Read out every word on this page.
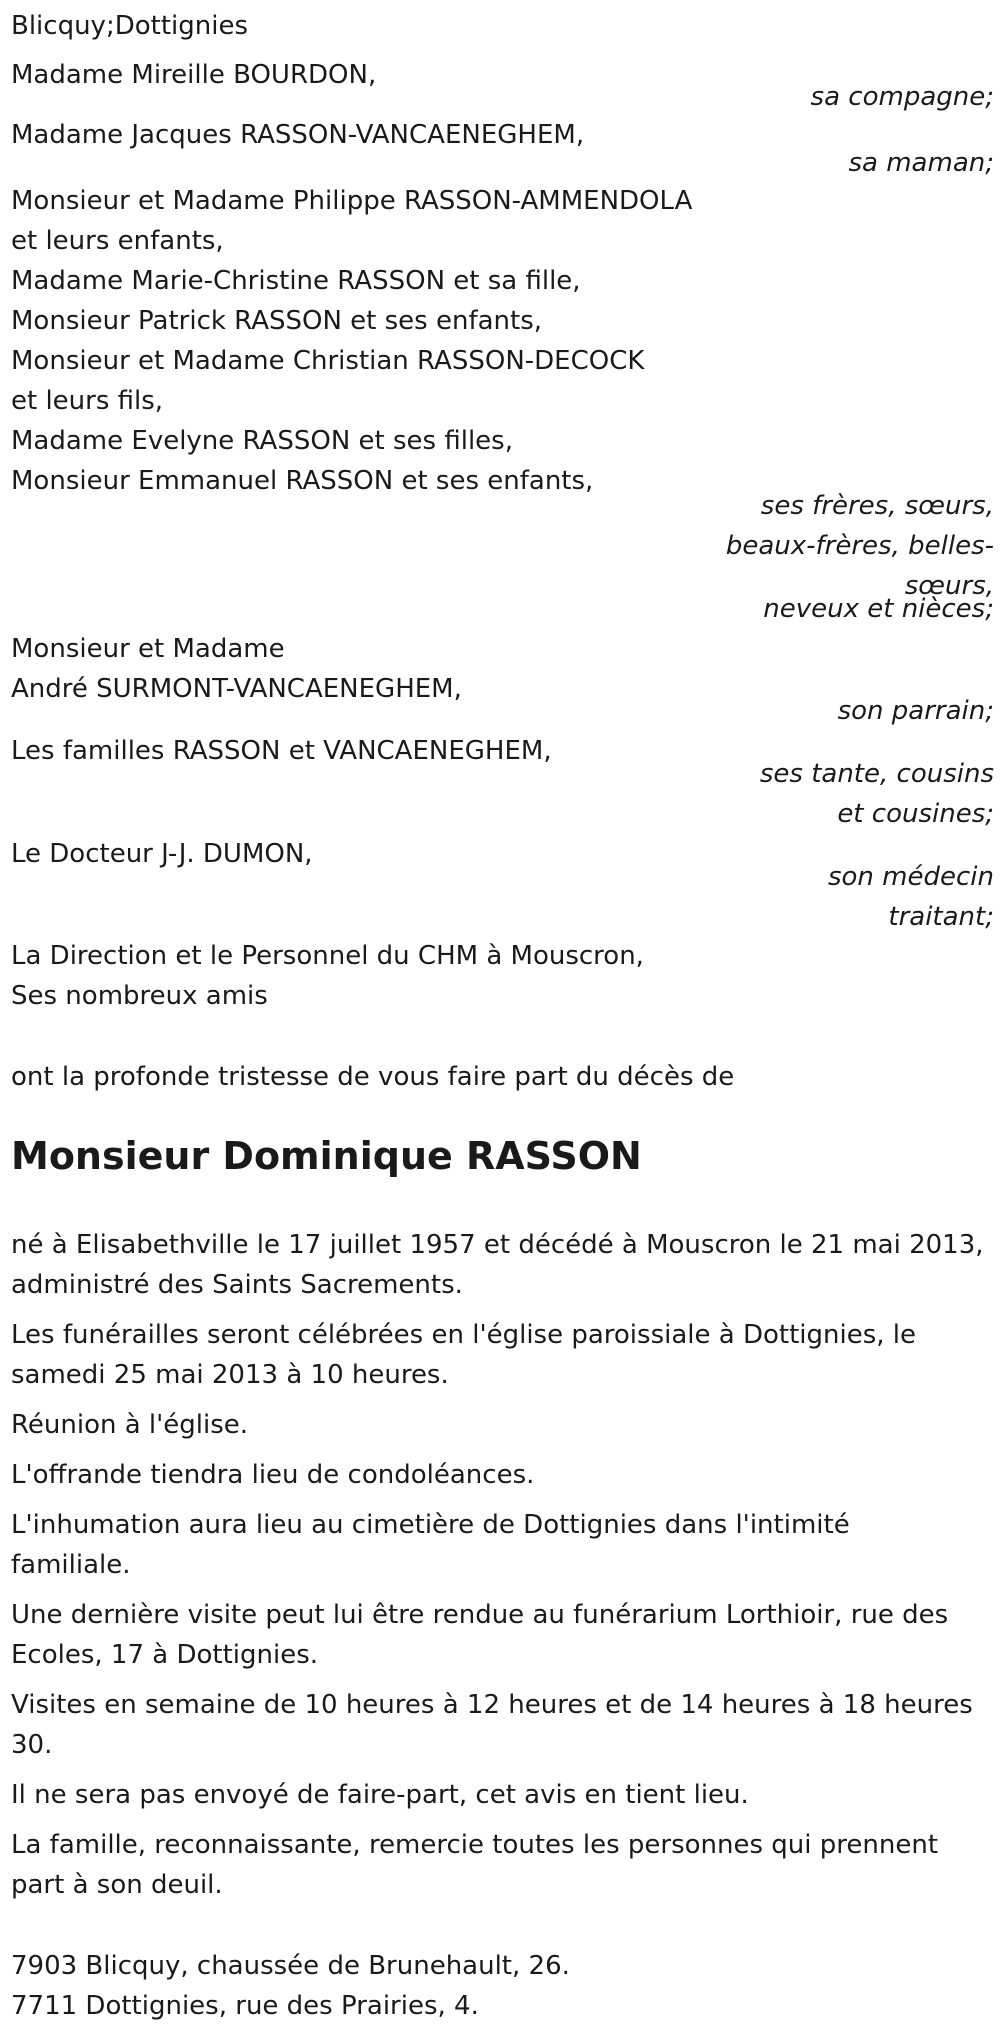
Blicquy;Dottignies
Madame Mireille BOURDON,
sa compagne;
Madame Jacques RASSON-VANCAENEGHEM,
sa maman;
Monsieur et Madame Philippe RASSON-AMMENDOLA
et leurs enfants,
Madame Marie-Christine RASSON et sa fille,
Monsieur Patrick RASSON et ses enfants,
Monsieur et Madame Christian RASSON-DECOCK
et leurs fils,
Madame Evelyne RASSON et ses filles,
Monsieur Emmanuel RASSON et ses enfants,
ses frères, sœurs,
beaux-frères, belles-
sœurs,
neveux et nièces;
Monsieur et Madame
André SURMONT-VANCAENEGHEM,
son parrain;
Les familles RASSON et VANCAENEGHEM,
ses tante, cousins
et cousines;
Le Docteur J-J. DUMON,
son médecin
traitant;
La Direction et le Personnel du CHM à Mouscron,
Ses nombreux amis
ont la profonde tristesse de vous faire part du décès de
Monsieur Dominique RASSON
né à Elisabethville le 17 juillet 1957 et décédé à Mouscron le 21 mai 2013,
administré des Saints Sacrements.
Les funérailles seront célébrées en l'église paroissiale à Dottignies, le
samedi 25 mai 2013 à 10 heures.
Réunion à l'église.
L'offrande tiendra lieu de condoléances.
L'inhumation aura lieu au cimetière de Dottignies dans l'intimité
familiale.
Une dernière visite peut lui être rendue au funérarium Lorthioir, rue des
Ecoles, 17 à Dottignies.
Visites en semaine de 10 heures à 12 heures et de 14 heures à 18 heures
30.
Il ne sera pas envoyé de faire-part, cet avis en tient lieu.
La famille, reconnaissante, remercie toutes les personnes qui prennent
part à son deuil.
7903 Blicquy, chaussée de Brunehault, 26.
7711 Dottignies, rue des Prairies, 4.
